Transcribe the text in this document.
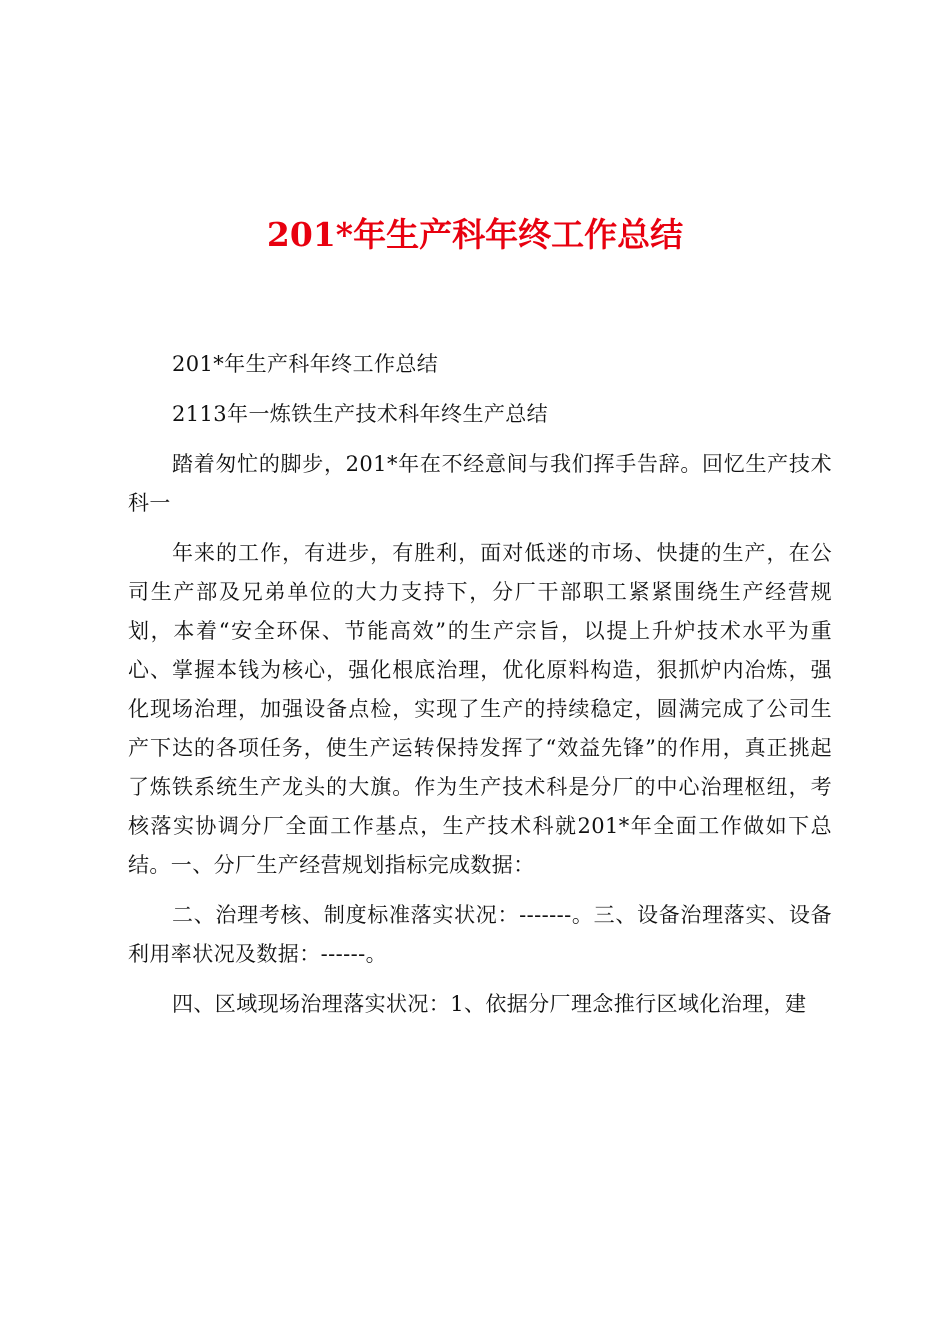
201*年生产科年终工作总结

201*年生产科年终工作总结

2113年一炼铁生产技术科年终生产总结

踏着匆忙的脚步，201*年在不经意间与我们挥手告辞。回忆生产技术科一

年来的工作，有进步，有胜利，面对低迷的市场、快捷的生产，在公司生产部及兄弟单位的大力支持下，分厂干部职工紧紧围绕生产经营规划，本着“安全环保、节能高效”的生产宗旨，以提上升炉技术水平为重心、掌握本钱为核心，强化根底治理，优化原料构造，狠抓炉内冶炼，强化现场治理，加强设备点检，实现了生产的持续稳定，圆满完成了公司生产下达的各项任务，使生产运转保持发挥了“效益先锋”的作用，真正挑起了炼铁系统生产龙头的大旗。作为生产技术科是分厂的中心治理枢纽，考核落实协调分厂全面工作基点，生产技术科就201*年全面工作做如下总结。一、分厂生产经营规划指标完成数据：

二、治理考核、制度标准落实状况：-------。三、设备治理落实、设备利用率状况及数据：------。

四、区域现场治理落实状况：1、依据分厂理念推行区域化治理，建
